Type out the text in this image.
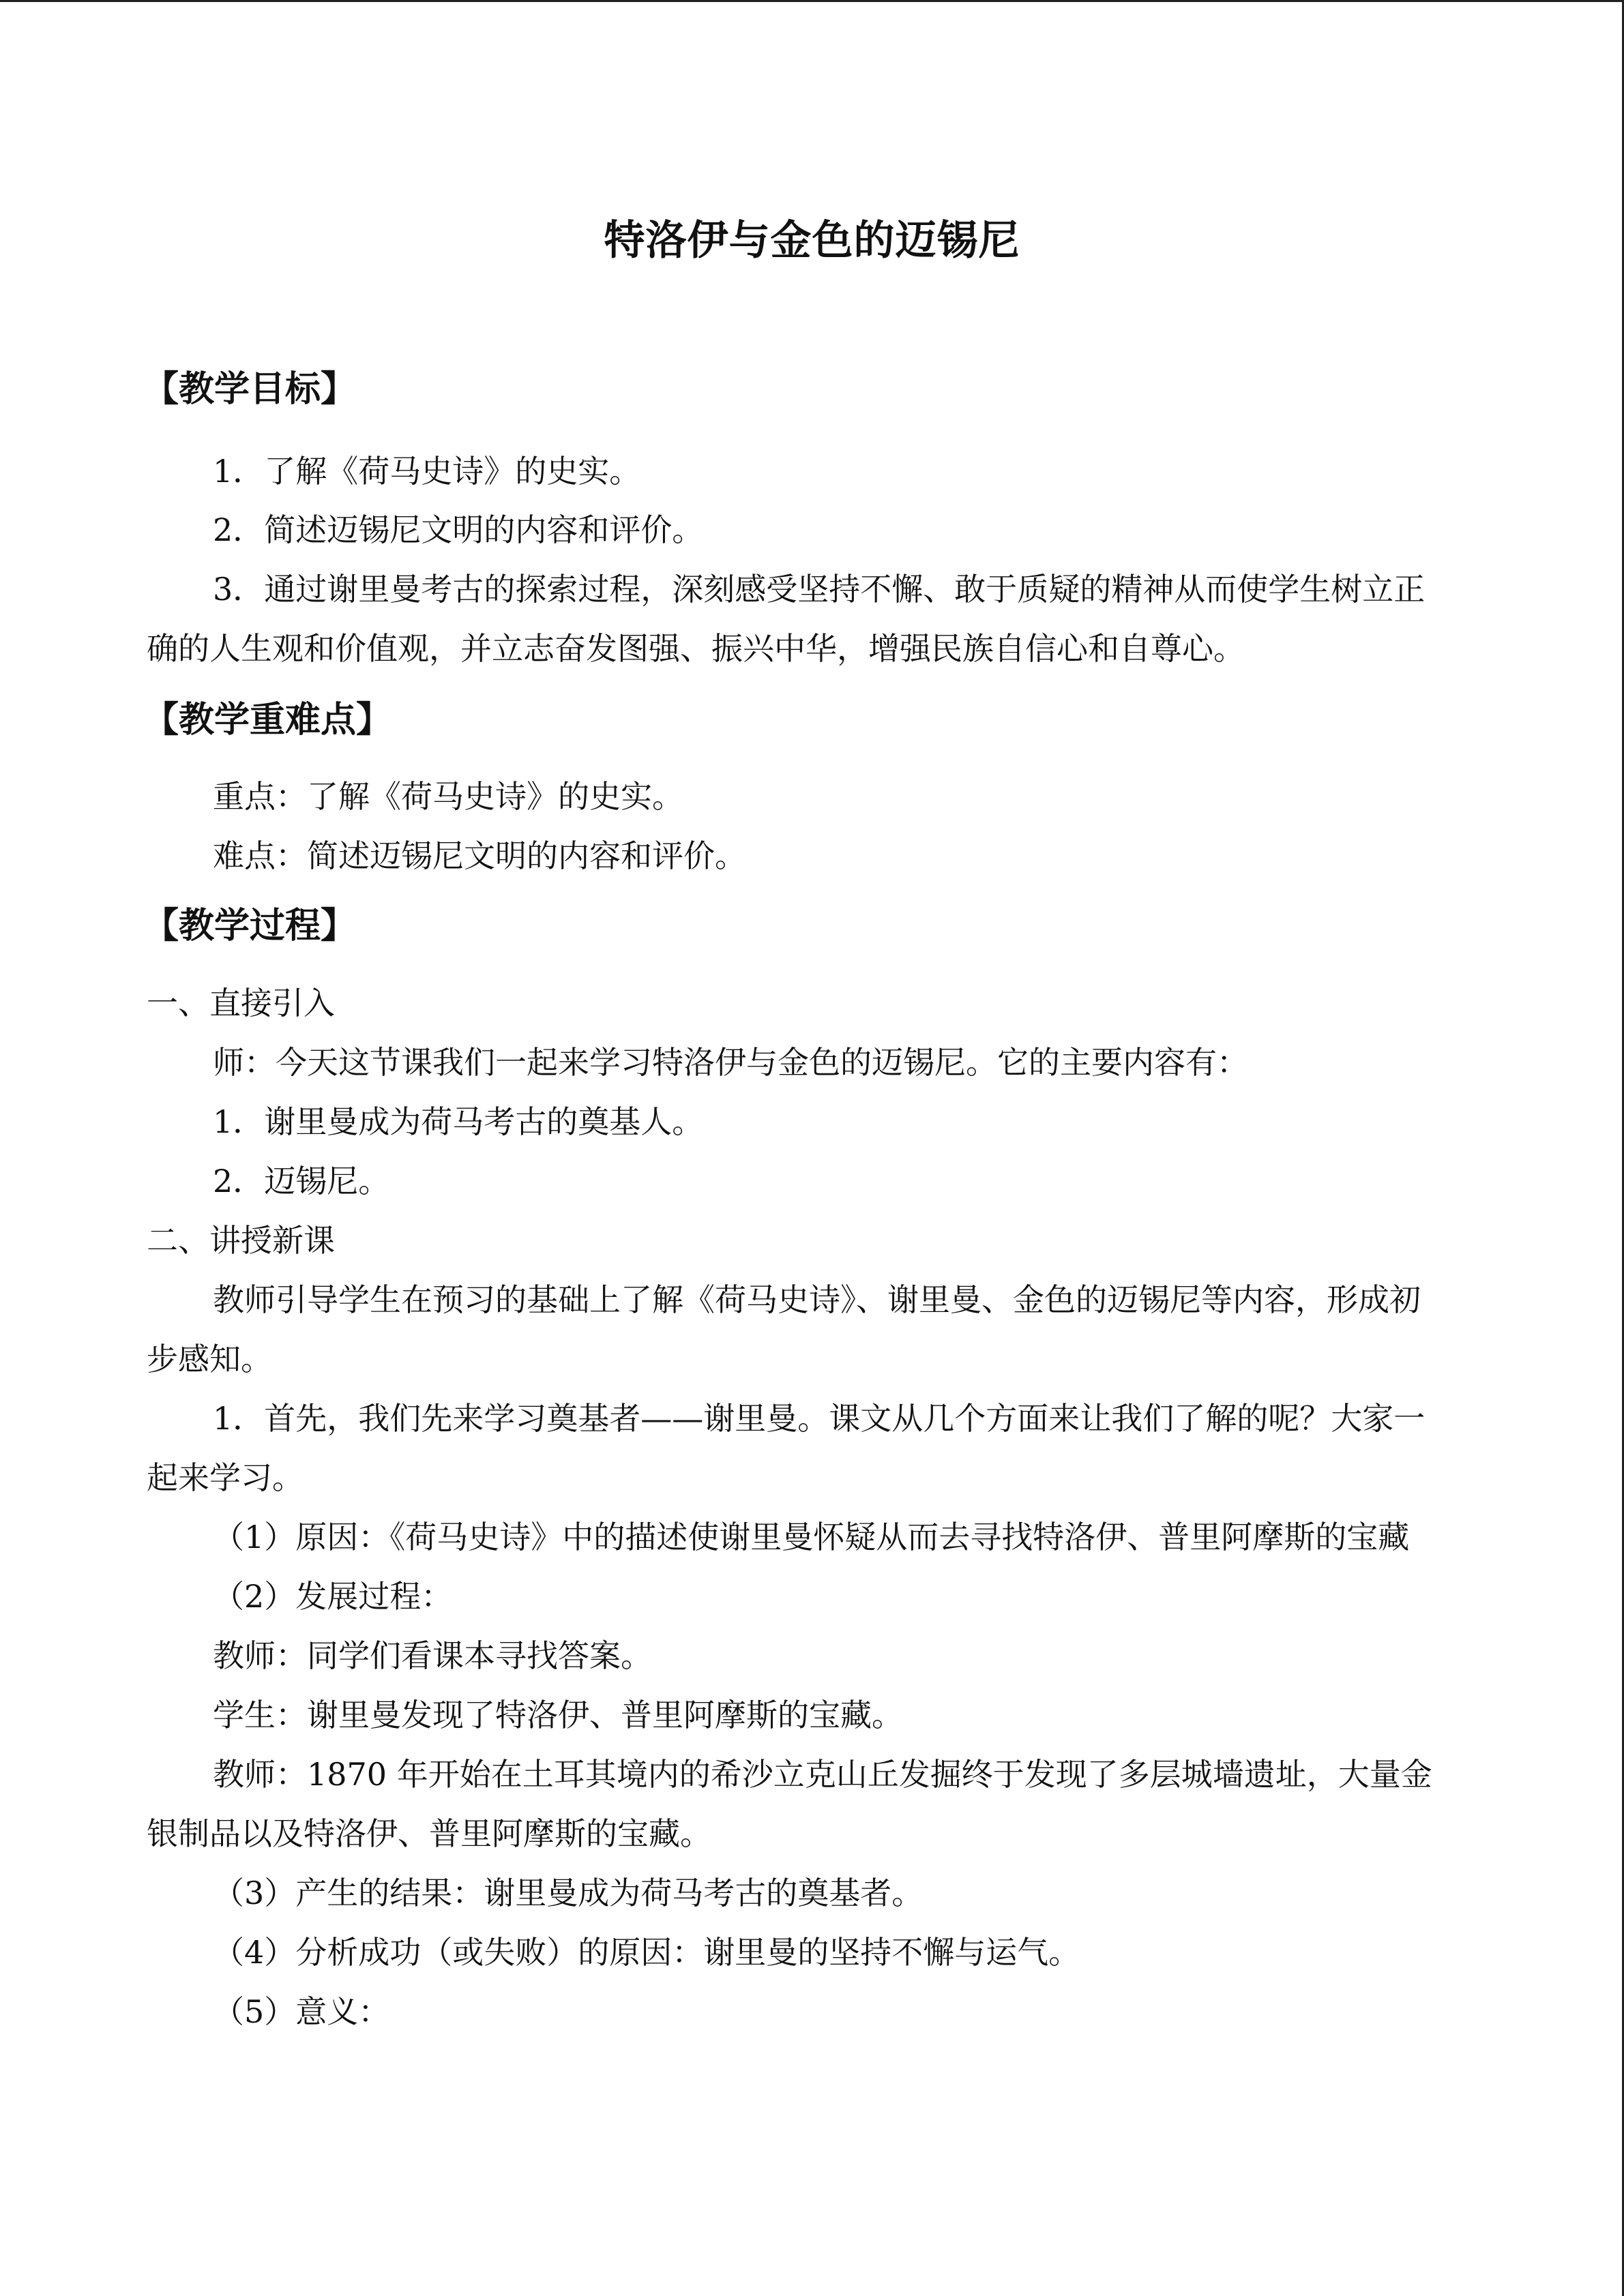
特洛伊与金色的迈锡尼
【教学目标】
1．了解《荷马史诗》的史实。
2．简述迈锡尼文明的内容和评价。
3．通过谢里曼考古的探索过程，深刻感受坚持不懈、敢于质疑的精神从而使学生树立正
确的人生观和价值观，并立志奋发图强、振兴中华，增强民族自信心和自尊心。
【教学重难点】
重点：了解《荷马史诗》的史实。
难点：简述迈锡尼文明的内容和评价。
【教学过程】
一、直接引入
师：今天这节课我们一起来学习特洛伊与金色的迈锡尼。它的主要内容有：
1．谢里曼成为荷马考古的奠基人。
2．迈锡尼。
二、讲授新课
教师引导学生在预习的基础上了解《荷马史诗》、谢里曼、金色的迈锡尼等内容，形成初
步感知。
1．首先，我们先来学习奠基者——谢里曼。课文从几个方面来让我们了解的呢？大家一
起来学习。
（1）原因：《荷马史诗》中的描述使谢里曼怀疑从而去寻找特洛伊、普里阿摩斯的宝藏
（2）发展过程：
教师：同学们看课本寻找答案。
学生：谢里曼发现了特洛伊、普里阿摩斯的宝藏。
教师：1870 年开始在土耳其境内的希沙立克山丘发掘终于发现了多层城墙遗址，大量金
银制品以及特洛伊、普里阿摩斯的宝藏。
（3）产生的结果：谢里曼成为荷马考古的奠基者。
（4）分析成功（或失败）的原因：谢里曼的坚持不懈与运气。
（5）意义：
